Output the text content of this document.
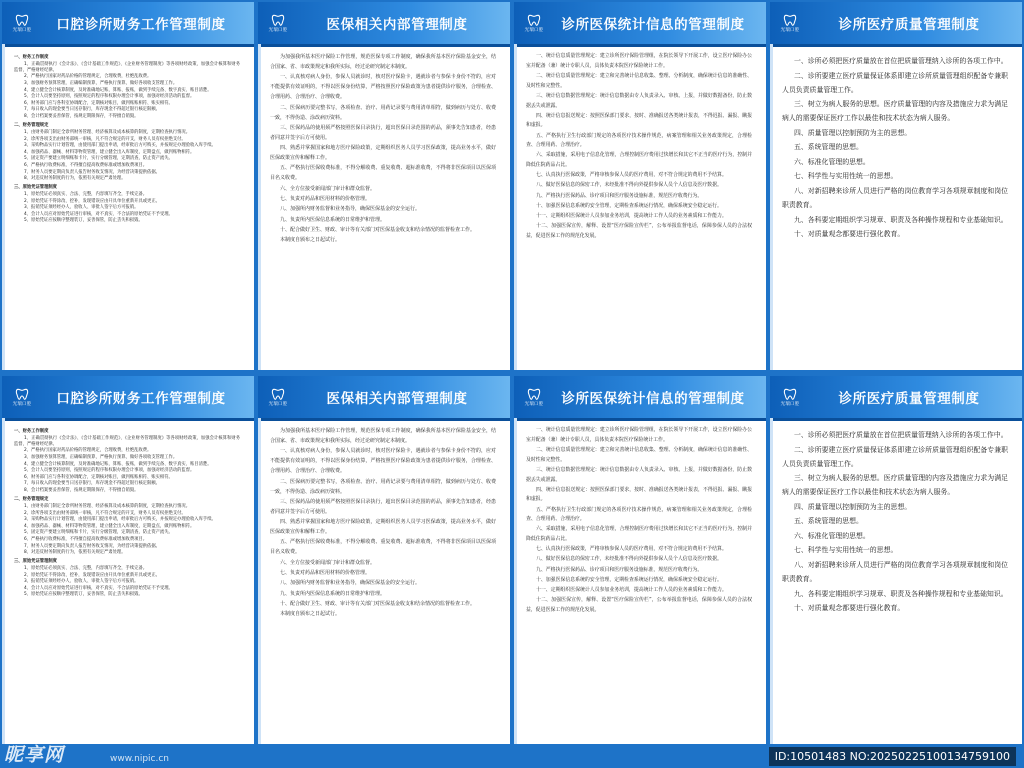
光瑞口腔	口腔诊所财务工作管理制度

一、财务工作制度

1、正确贯彻执行《会计法》、《会计基础工作规范》、《企业财务管理制度》等各项财经政策，加强会计核算和财务监督，严格财经纪律。

2、严格执行国家对药品价格的管理规定，合理收费，杜绝乱收费。

3、加强财务预算管理，正确编制预算，严格执行预算，做好各项收支管理工作。

4、建立健全会计核算制度，及时准确地记账、算账、报账，做到手续完备、数字真实、账目清楚。

5、会计人员要坚持原则，按照规定的程序和权限办理会计事项，加强对经济活动的监督。

6、财务部门应与各科室协调配合，定期核对账目，做到账账相符、账实相符。

7、每日收入的现金要当日送存银行，库存现金不得超过银行核定限额。

8、会计档案要妥善保管，按规定期限保存，不得擅自销毁。

二、财务管理规定

1、由财务部门制定全诊所财务管理、经济核算及成本核算的制度，定期检查执行情况。

2、诊所各项支出由财务部统一审核，凡不符合规定的开支，财务人员有权拒绝支付。

3、采购物品实行计划管理，由使用部门提出申请，经审批后方可购买，并按规定办理验收入库手续。

4、加强药品、器械、材料等物资管理，建立健全出入库制度，定期盘点，做到账物相符。

5、固定资产要建立明细账和卡片，实行分级管理，定期清查，防止资产流失。

6、严格执行收费标准，不得擅自提高收费标准或增加收费项目。

7、财务人员要定期向负责人报告财务收支情况，为经营决策提供依据。

8、对违反财务制度的行为，依照有关规定严肃处理。

三、原始凭证管理制度

1、原始凭证必须真实、合法、完整，内容填写齐全，手续完备。

2、原始凭证不得涂改、挖补，发现错误应由开具单位重新开具或更正。

3、报销凭证须经经办人、验收人、审批人签字后方可报销。

4、会计人员应对原始凭证进行审核，对不真实、不合法的原始凭证不予受理。

5、原始凭证应按顺序整理装订，妥善保管，防止丢失和损毁。

光瑞口腔	医保相关内部管理制度

为加强我所基本医疗保险工作管理，规范医保专项工作制度，确保我所基本医疗保险基金安全，结合国家、省、市政策规定和我所实际，经过论研究制定本制度。

一、认真核对病人身份，参保人员就诊时，核对医疗保险卡，遇就诊者与参保卡身份不符的，应对不能提供有效证明的，不得以医保身份结算，严格按照医疗保险政策为患者提供诊疗服务，合理检查、合理用药、合理治疗、合理收费。

二、医保病历要完整书写，各项检查、治疗、用药记录要与费用清单相符，做到病历与处方、收费一致，不得伪造、涂改病历资料。

三、医保药品的使用须严格按照医保目录执行，超出医保目录范围的药品，须事先告知患者，经患者同意并签字后方可使用。

四、熟悉并掌握国家和地方医疗保险政策，定期组织医务人员学习医保政策，提高业务水平，做好医保政策宣传和解释工作。

五、严格执行医保收费标准，不得分解收费、重复收费、超标准收费，不得将非医保项目以医保项目名义收费。

六、全方位接受新闻部门审计和群众监督。

七、负责对药品和医用材料的价格管理。

八、加强所内财务监督和业务指导，确保医保基金的安全运行。

九、负责所内医保信息系统的日常维护和管理。

十、配合做好卫生、财政、审计等有关部门对医保基金收支和结余情况的监督检查工作。

本制度自颁布之日起试行。

光瑞口腔	诊所医保统计信息的管理制度

一、统计信息质量管理规定：建立诊所医疗保险管理组，在院长领导下开展工作，设立医疗保险办公室并配备（兼）统计专职人员，具体负责本院医疗保险统计工作。

二、统计信息质量管理规定：建立和完善统计信息收集、整理、分析制度，确保统计信息的准确性、及时性和完整性。

三、统计信息数据管理规定：统计信息数据由专人负责录入、审核、上报，并做好数据备份，防止数据丢失或泄露。

四、统计信息报送规定：按照医保部门要求，按时、准确报送各类统计报表，不得迟报、漏报、瞒报和虚报。

五、严格执行卫生行政部门规定的各项医疗技术操作规范，病案管理和相关业务政策规定，合理检查、合理用药、合理治疗。

六、采取措施，采用电子信息化管理，合理控制医疗费用过快增长和其它不正当的医疗行为，控制并降低住院药品占比。

七、认真执行医保政策，严格审核参保人员的医疗费用，对不符合规定的费用不予结算。

八、做好医保信息的保密工作，未经批准不得向外提供参保人员个人信息及医疗数据。

九、严格执行医保药品、诊疗项目和医疗服务设施标准，规范医疗收费行为。

十、加强医保信息系统的安全管理，定期检查系统运行情况，确保系统安全稳定运行。

十一、定期组织医保统计人员参加业务培训，提高统计工作人员的业务素质和工作能力。

十二、加强医保宣传，解释、设置“医疗保险宣传栏”，公布举报监督电话，保障参保人员的合法权益，促进医保工作的规范化发展。

光瑞口腔	诊所医疗质量管理制度

一、诊所必须把医疗质量放在首位把质量管理纳入诊所的各项工作中。

二、诊所要建立医疗质量保证体系即建立诊所质量管理组织配备专兼职人员负责质量管理工作。

三、树立为病人服务的思想。医疗质量管理的内容及措施应力求为满足病人的需要保证医疗工作以最佳和技术状态为病人服务。

四、质量管理以控制预防为主的思想。

五、系统管理的思想。

六、标准化管理的思想。

七、科学性与实用性统一的思想。

八、对新招聘来诊所人员进行严格的岗位教育学习各项规章制度和岗位职责教育。

九、各科要定期组织学习规章、职责及各种操作规程和专业基础知识。

十、对质量观念都要进行强化教育。

光瑞口腔	口腔诊所财务工作管理制度

一、财务工作制度

1、正确贯彻执行《会计法》、《会计基础工作规范》、《企业财务管理制度》等各项财经政策，加强会计核算和财务监督，严格财经纪律。

2、严格执行国家对药品价格的管理规定，合理收费，杜绝乱收费。

3、加强财务预算管理，正确编制预算，严格执行预算，做好各项收支管理工作。

4、建立健全会计核算制度，及时准确地记账、算账、报账，做到手续完备、数字真实、账目清楚。

5、会计人员要坚持原则，按照规定的程序和权限办理会计事项，加强对经济活动的监督。

6、财务部门应与各科室协调配合，定期核对账目，做到账账相符、账实相符。

7、每日收入的现金要当日送存银行，库存现金不得超过银行核定限额。

8、会计档案要妥善保管，按规定期限保存，不得擅自销毁。

二、财务管理规定

1、由财务部门制定全诊所财务管理、经济核算及成本核算的制度，定期检查执行情况。

2、诊所各项支出由财务部统一审核，凡不符合规定的开支，财务人员有权拒绝支付。

3、采购物品实行计划管理，由使用部门提出申请，经审批后方可购买，并按规定办理验收入库手续。

4、加强药品、器械、材料等物资管理，建立健全出入库制度，定期盘点，做到账物相符。

5、固定资产要建立明细账和卡片，实行分级管理，定期清查，防止资产流失。

6、严格执行收费标准，不得擅自提高收费标准或增加收费项目。

7、财务人员要定期向负责人报告财务收支情况，为经营决策提供依据。

8、对违反财务制度的行为，依照有关规定严肃处理。

三、原始凭证管理制度

1、原始凭证必须真实、合法、完整，内容填写齐全，手续完备。

2、原始凭证不得涂改、挖补，发现错误应由开具单位重新开具或更正。

3、报销凭证须经经办人、验收人、审批人签字后方可报销。

4、会计人员应对原始凭证进行审核，对不真实、不合法的原始凭证不予受理。

5、原始凭证应按顺序整理装订，妥善保管，防止丢失和损毁。

光瑞口腔	医保相关内部管理制度

为加强我所基本医疗保险工作管理，规范医保专项工作制度，确保我所基本医疗保险基金安全，结合国家、省、市政策规定和我所实际，经过论研究制定本制度。

一、认真核对病人身份，参保人员就诊时，核对医疗保险卡，遇就诊者与参保卡身份不符的，应对不能提供有效证明的，不得以医保身份结算，严格按照医疗保险政策为患者提供诊疗服务，合理检查、合理用药、合理治疗、合理收费。

二、医保病历要完整书写，各项检查、治疗、用药记录要与费用清单相符，做到病历与处方、收费一致，不得伪造、涂改病历资料。

三、医保药品的使用须严格按照医保目录执行，超出医保目录范围的药品，须事先告知患者，经患者同意并签字后方可使用。

四、熟悉并掌握国家和地方医疗保险政策，定期组织医务人员学习医保政策，提高业务水平，做好医保政策宣传和解释工作。

五、严格执行医保收费标准，不得分解收费、重复收费、超标准收费，不得将非医保项目以医保项目名义收费。

六、全方位接受新闻部门审计和群众监督。

七、负责对药品和医用材料的价格管理。

八、加强所内财务监督和业务指导，确保医保基金的安全运行。

九、负责所内医保信息系统的日常维护和管理。

十、配合做好卫生、财政、审计等有关部门对医保基金收支和结余情况的监督检查工作。

本制度自颁布之日起试行。

光瑞口腔	诊所医保统计信息的管理制度

一、统计信息质量管理规定：建立诊所医疗保险管理组，在院长领导下开展工作，设立医疗保险办公室并配备（兼）统计专职人员，具体负责本院医疗保险统计工作。

二、统计信息质量管理规定：建立和完善统计信息收集、整理、分析制度，确保统计信息的准确性、及时性和完整性。

三、统计信息数据管理规定：统计信息数据由专人负责录入、审核、上报，并做好数据备份，防止数据丢失或泄露。

四、统计信息报送规定：按照医保部门要求，按时、准确报送各类统计报表，不得迟报、漏报、瞒报和虚报。

五、严格执行卫生行政部门规定的各项医疗技术操作规范，病案管理和相关业务政策规定，合理检查、合理用药、合理治疗。

六、采取措施，采用电子信息化管理，合理控制医疗费用过快增长和其它不正当的医疗行为，控制并降低住院药品占比。

七、认真执行医保政策，严格审核参保人员的医疗费用，对不符合规定的费用不予结算。

八、做好医保信息的保密工作，未经批准不得向外提供参保人员个人信息及医疗数据。

九、严格执行医保药品、诊疗项目和医疗服务设施标准，规范医疗收费行为。

十、加强医保信息系统的安全管理，定期检查系统运行情况，确保系统安全稳定运行。

十一、定期组织医保统计人员参加业务培训，提高统计工作人员的业务素质和工作能力。

十二、加强医保宣传，解释、设置“医疗保险宣传栏”，公布举报监督电话，保障参保人员的合法权益，促进医保工作的规范化发展。

光瑞口腔	诊所医疗质量管理制度

一、诊所必须把医疗质量放在首位把质量管理纳入诊所的各项工作中。

二、诊所要建立医疗质量保证体系即建立诊所质量管理组织配备专兼职人员负责质量管理工作。

三、树立为病人服务的思想。医疗质量管理的内容及措施应力求为满足病人的需要保证医疗工作以最佳和技术状态为病人服务。

四、质量管理以控制预防为主的思想。

五、系统管理的思想。

六、标准化管理的思想。

七、科学性与实用性统一的思想。

八、对新招聘来诊所人员进行严格的岗位教育学习各项规章制度和岗位职责教育。

九、各科要定期组织学习规章、职责及各种操作规程和专业基础知识。

十、对质量观念都要进行强化教育。

昵享网	www.nipic.cn	ID:10501483 NO:20250225100134759100
